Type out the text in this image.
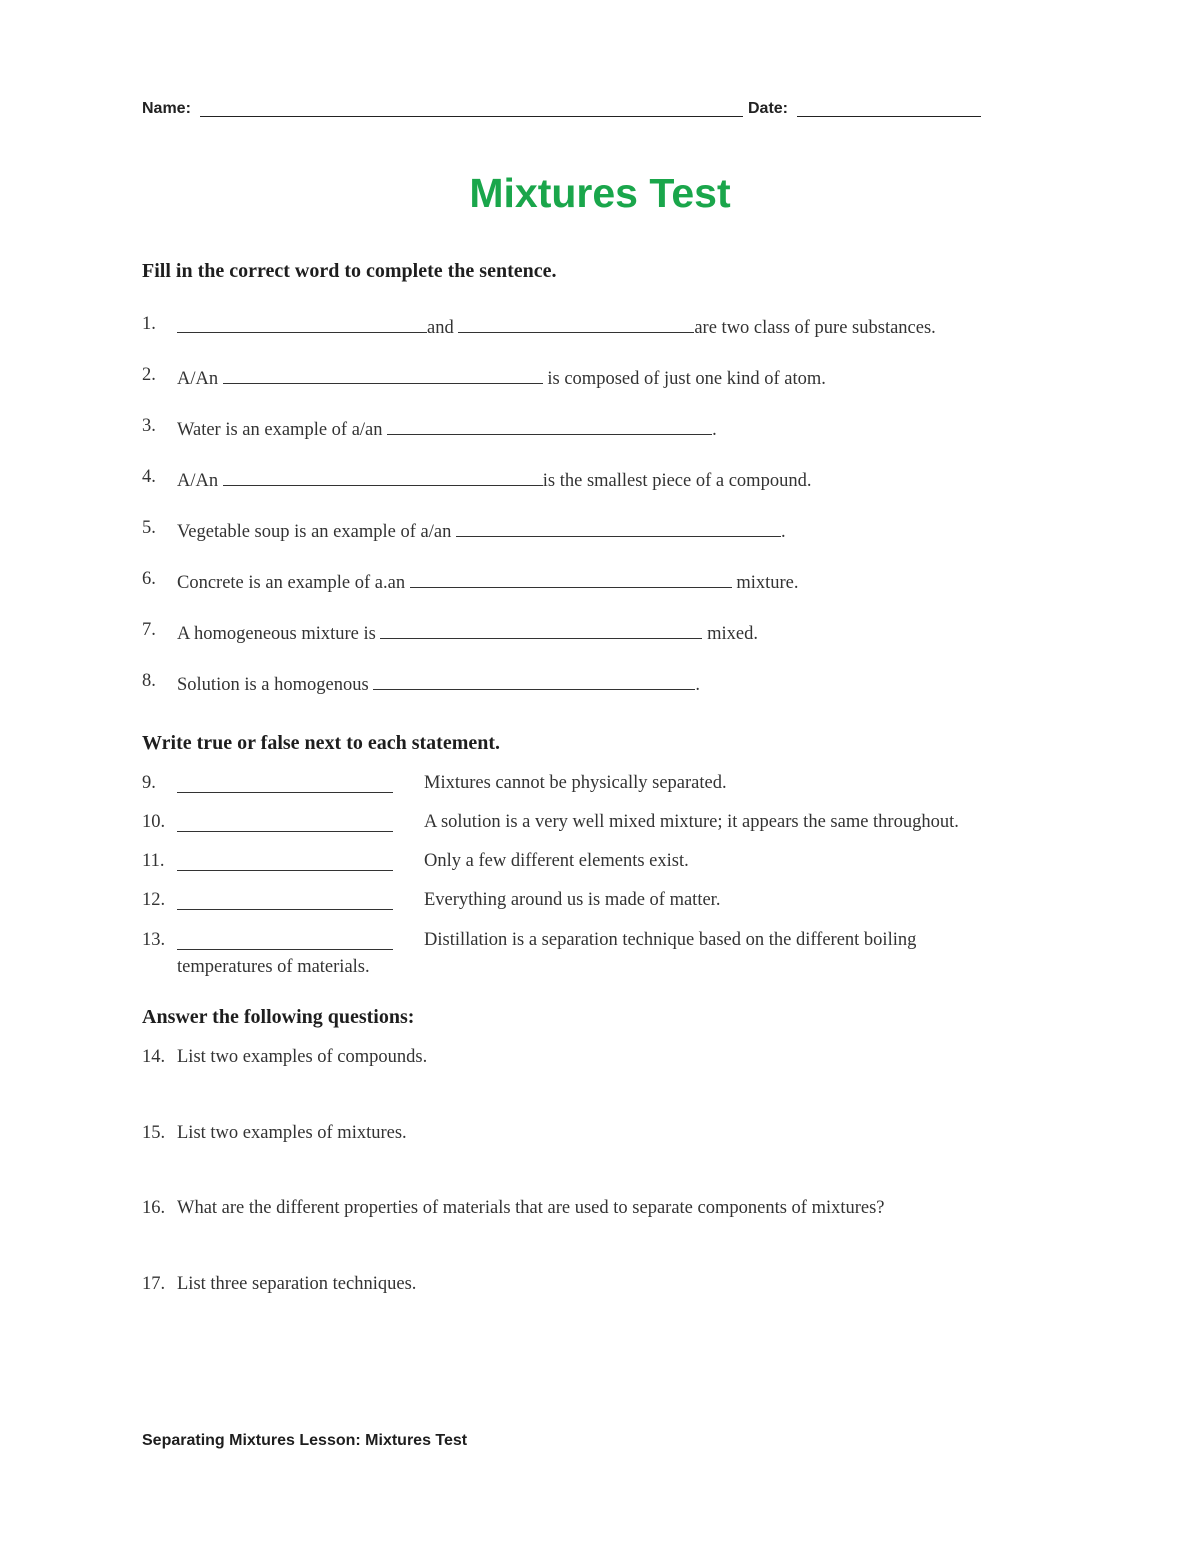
Name:	Date:
Mixtures Test
Fill in the correct word to complete the sentence.
1.	and	are two class of pure substances.
2. A/An	is composed of just one kind of atom.
3. Water is an example of a/an	.
4. A/An	is the smallest piece of a compound.
5. Vegetable soup is an example of a/an	.
6. Concrete is an example of a.an	mixture.
7. A homogeneous mixture is	mixed.
8. Solution is a homogenous	.
Write true or false next to each statement.
9.	Mixtures cannot be physically separated.
10.	A solution is a very well mixed mixture; it appears the same throughout.
11.	Only a few different elements exist.
12.	Everything around us is made of matter.
13.	Distillation is a separation technique based on the different boiling
temperatures of materials.
Answer the following questions:
14. List two examples of compounds.
15. List two examples of mixtures.
16. What are the different properties of materials that are used to separate components of mixtures?
17. List three separation techniques.
Separating Mixtures Lesson: Mixtures Test
